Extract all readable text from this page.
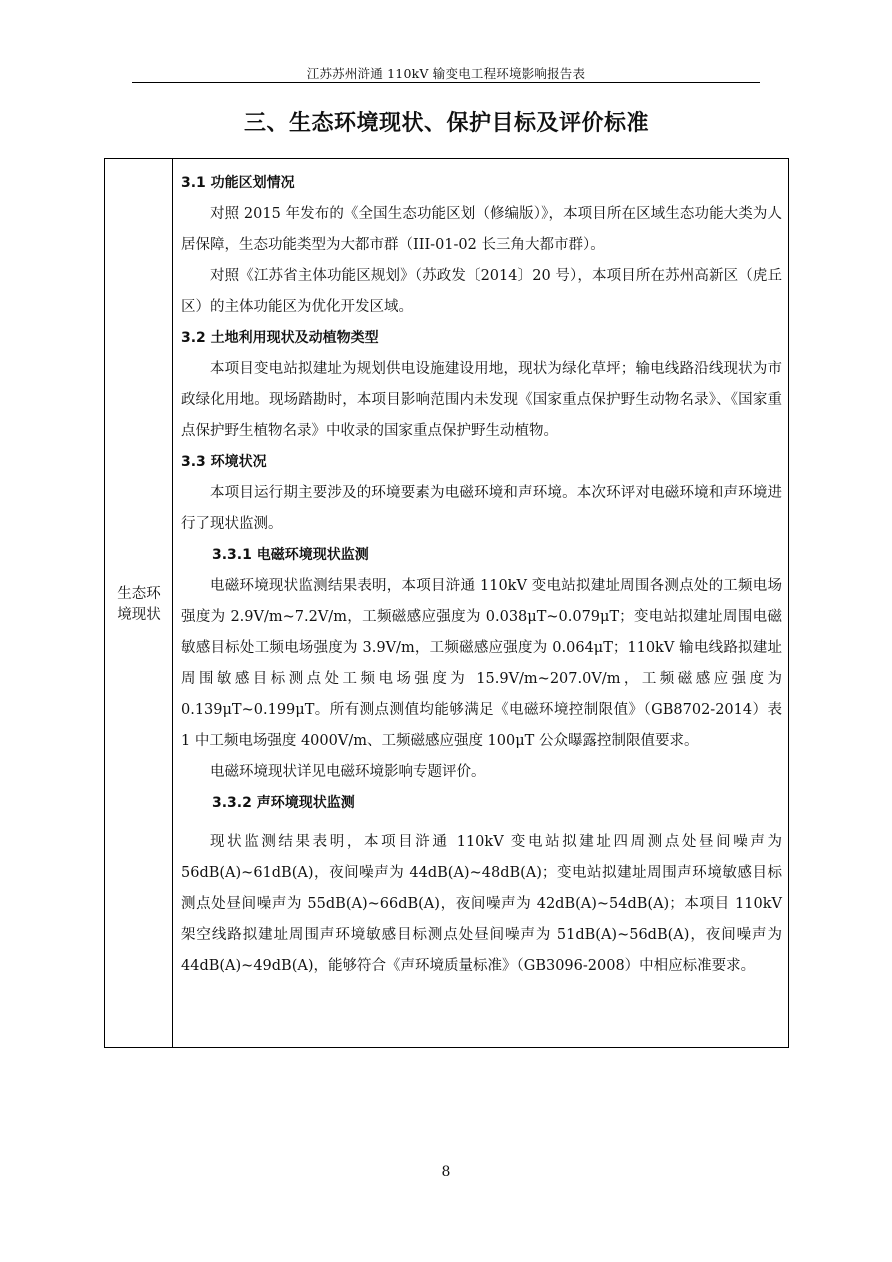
江苏苏州浒通 110kV 输变电工程环境影响报告表
三、生态环境现状、保护目标及评价标准
生态环境现状

3.1 功能区划情况

对照 2015 年发布的《全国生态功能区划（修编版）》，本项目所在区域生态功能大类为人居保障，生态功能类型为大都市群（III-01-02 长三角大都市群）。

对照《江苏省主体功能区规划》（苏政发〔2014〕20 号），本项目所在苏州高新区（虎丘区）的主体功能区为优化开发区域。

3.2 土地利用现状及动植物类型

本项目变电站拟建址为规划供电设施建设用地，现状为绿化草坪；输电线路沿线现状为市政绿化用地。现场踏勘时，本项目影响范围内未发现《国家重点保护野生动物名录》、《国家重点保护野生植物名录》中收录的国家重点保护野生动植物。

3.3 环境状况

本项目运行期主要涉及的环境要素为电磁环境和声环境。本次环评对电磁环境和声环境进行了现状监测。

3.3.1 电磁环境现状监测

电磁环境现状监测结果表明，本项目浒通 110kV 变电站拟建址周围各测点处的工频电场强度为 2.9V/m~7.2V/m，工频磁感应强度为 0.038μT~0.079μT；变电站拟建址周围电磁敏感目标处工频电场强度为 3.9V/m，工频磁感应强度为 0.064μT；110kV 输电线路拟建址周围敏感目标测点处工频电场强度为 15.9V/m~207.0V/m，工频磁感应强度为 0.139μT~0.199μT。所有测点测值均能够满足《电磁环境控制限值》（GB8702-2014）表 1 中工频电场强度 4000V/m、工频磁感应强度 100μT 公众曝露控制限值要求。

电磁环境现状详见电磁环境影响专题评价。

3.3.2 声环境现状监测

现状监测结果表明，本项目浒通 110kV 变电站拟建址四周测点处昼间噪声为 56dB(A)~61dB(A)，夜间噪声为 44dB(A)~48dB(A)；变电站拟建址周围声环境敏感目标测点处昼间噪声为 55dB(A)~66dB(A)，夜间噪声为 42dB(A)~54dB(A)；本项目 110kV 架空线路拟建址周围声环境敏感目标测点处昼间噪声为 51dB(A)~56dB(A)，夜间噪声为 44dB(A)~49dB(A)，能够符合《声环境质量标准》（GB3096-2008）中相应标准要求。

8
